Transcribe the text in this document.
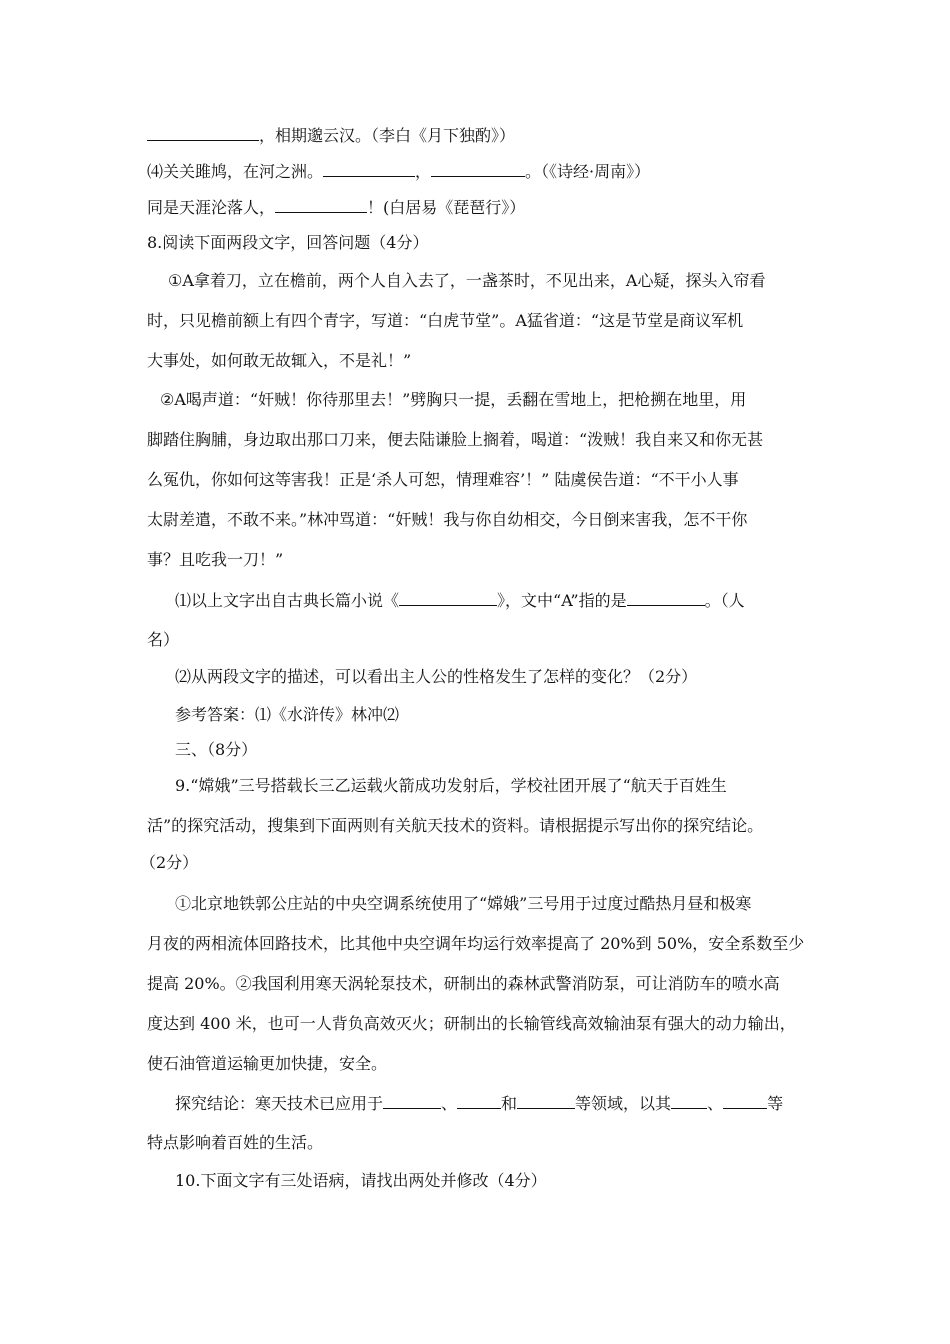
，相期邈云汉。（李白《月下独酌》）
⑷关关雎鸠，在河之洲。	，	。（《诗经·周南》）
同是天涯沦落人，	！(白居易《琵琶行》）
8.阅读下面两段文字，回答问题（4分）
①A拿着刀，立在檐前，两个人自入去了，一盏茶时，不见出来，A心疑，探头入帘看
时，只见檐前额上有四个青字，写道：“白虎节堂”。A猛省道：“这是节堂是商议军机
大事处，如何敢无故辄入，不是礼！”
②A喝声道：“奸贼！你待那里去！”劈胸只一提，丢翻在雪地上，把枪搠在地里，用
脚踏住胸脯，身边取出那口刀来，便去陆谦脸上搁着，喝道：“泼贼！我自来又和你无甚
么冤仇，你如何这等害我！正是‘杀人可恕，情理难容’！” 陆虞侯告道：“不干小人事
太尉差遣，不敢不来。”林冲骂道：“奸贼！我与你自幼相交，今日倒来害我，怎不干你
事？且吃我一刀！”
⑴以上文字出自古典长篇小说《	》，文中“A”指的是	。（人
名）
⑵从两段文字的描述，可以看出主人公的性格发生了怎样的变化？（2分）
参考答案：⑴《水浒传》林冲⑵
三、（8分）
9.“嫦娥”三号搭载长三乙运载火箭成功发射后，学校社团开展了“航天于百姓生
活”的探究活动，搜集到下面两则有关航天技术的资料。请根据提示写出你的探究结论。
（2分）
①北京地铁郭公庄站的中央空调系统使用了“嫦娥”三号用于过度过酷热月昼和极寒
月夜的两相流体回路技术，比其他中央空调年均运行效率提高了 20%到 50%，安全系数至少
提高 20%。②我国利用寒天涡轮泵技术，研制出的森林武警消防泵，可让消防车的喷水高
度达到 400 米，也可一人背负高效灭火；研制出的长输管线高效输油泵有强大的动力输出，
使石油管道运输更加快捷，安全。
探究结论：寒天技术已应用于	、	和	等领域，以其 、	等
特点影响着百姓的生活。
10.下面文字有三处语病，请找出两处并修改（4分）
